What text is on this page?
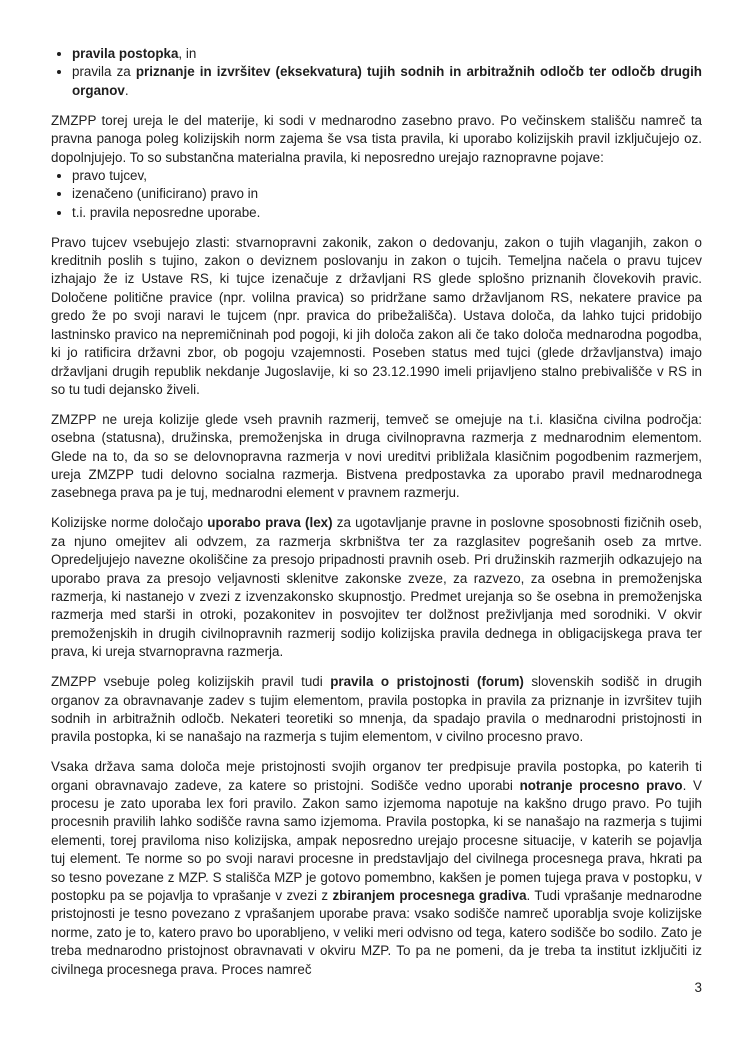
• pravila postopka, in
• pravila za priznanje in izvršitev (eksekvatura) tujih sodnih in arbitražnih odločb ter odločb drugih organov.

ZMZPP torej ureja le del materije, ki sodi v mednarodno zasebno pravo. Po večinskem stališču namreč ta pravna panoga poleg kolizijskih norm zajema še vsa tista pravila, ki uporabo kolizijskih pravil izključujejo oz. dopolnjujejo. To so substančna materialna pravila, ki neposredno urejajo raznopravne pojave:

• pravo tujcev,
• izenačeno (unificirano) pravo in
• t.i. pravila neposredne uporabe.

Pravo tujcev vsebujejo zlasti: stvarnopravni zakonik, zakon o dedovanju, zakon o tujih vlaganjih, zakon o kreditnih poslih s tujino, zakon o deviznem poslovanju in zakon o tujcih. Temeljna načela o pravu tujcev izhajajo že iz Ustave RS, ki tujce izenačuje z državljani RS glede splošno priznanih človekovih pravic. Določene politične pravice (npr. volilna pravica) so pridržane samo državljanom RS, nekatere pravice pa gredo že po svoji naravi le tujcem (npr. pravica do pribežališča). Ustava določa, da lahko tujci pridobijo lastninsko pravico na nepremičninah pod pogoji, ki jih določa zakon ali če tako določa mednarodna pogodba, ki jo ratificira državni zbor, ob pogoju vzajemnosti. Poseben status med tujci (glede državljanstva) imajo državljani drugih republik nekdanje Jugoslavije, ki so 23.12.1990 imeli prijavljeno stalno prebivališče v RS in so tu tudi dejansko živeli.

ZMZPP ne ureja kolizije glede vseh pravnih razmerij, temveč se omejuje na t.i. klasična civilna področja: osebna (statusna), družinska, premoženjska in druga civilnopravna razmerja z mednarodnim elementom. Glede na to, da so se delovnopravna razmerja v novi ureditvi približala klasičnim pogodbenim razmerjem, ureja ZMZPP tudi delovno socialna razmerja. Bistvena predpostavka za uporabo pravil mednarodnega zasebnega prava pa je tuj, mednarodni element v pravnem razmerju.

Kolizijske norme določajo uporabo prava (lex) za ugotavljanje pravne in poslovne sposobnosti fizičnih oseb, za njuno omejitev ali odvzem, za razmerja skrbništva ter za razglasitev pogrešanih oseb za mrtve. Opredeljujejo navezne okoliščine za presojo pripadnosti pravnih oseb. Pri družinskih razmerjih odkazujejo na uporabo prava za presojo veljavnosti sklenitve zakonske zveze, za razvezo, za osebna in premoženjska razmerja, ki nastanejo v zvezi z izvenzakonsko skupnostjo. Predmet urejanja so še osebna in premoženjska razmerja med starši in otroki, pozakonitev in posvojitev ter dolžnost preživljanja med sorodniki. V okvir premoženjskih in drugih civilnopravnih razmerij sodijo kolizijska pravila dednega in obligacijskega prava ter prava, ki ureja stvarnopravna razmerja.

ZMZPP vsebuje poleg kolizijskih pravil tudi pravila o pristojnosti (forum) slovenskih sodišč in drugih organov za obravnavanje zadev s tujim elementom, pravila postopka in pravila za priznanje in izvršitev tujih sodnih in arbitražnih odločb. Nekateri teoretiki so mnenja, da spadajo pravila o mednarodni pristojnosti in pravila postopka, ki se nanašajo na razmerja s tujim elementom, v civilno procesno pravo.

Vsaka država sama določa meje pristojnosti svojih organov ter predpisuje pravila postopka, po katerih ti organi obravnavajo zadeve, za katere so pristojni. Sodišče vedno uporabi notranje procesno pravo. V procesu je zato uporaba lex fori pravilo. Zakon samo izjemoma napotuje na kakšno drugo pravo. Po tujih procesnih pravilih lahko sodišče ravna samo izjemoma. Pravila postopka, ki se nanašajo na razmerja s tujimi elementi, torej praviloma niso kolizijska, ampak neposredno urejajo procesne situacije, v katerih se pojavlja tuj element. Te norme so po svoji naravi procesne in predstavljajo del civilnega procesnega prava, hkrati pa so tesno povezane z MZP. S stališča MZP je gotovo pomembno, kakšen je pomen tujega prava v postopku, v postopku pa se pojavlja to vprašanje v zvezi z zbiranjem procesnega gradiva. Tudi vprašanje mednarodne pristojnosti je tesno povezano z vprašanjem uporabe prava: vsako sodišče namreč uporablja svoje kolizijske norme, zato je to, katero pravo bo uporabljeno, v veliki meri odvisno od tega, katero sodišče bo sodilo. Zato je treba mednarodno pristojnost obravnavati v okviru MZP. To pa ne pomeni, da je treba ta institut izključiti iz civilnega procesnega prava. Proces namreč

3
